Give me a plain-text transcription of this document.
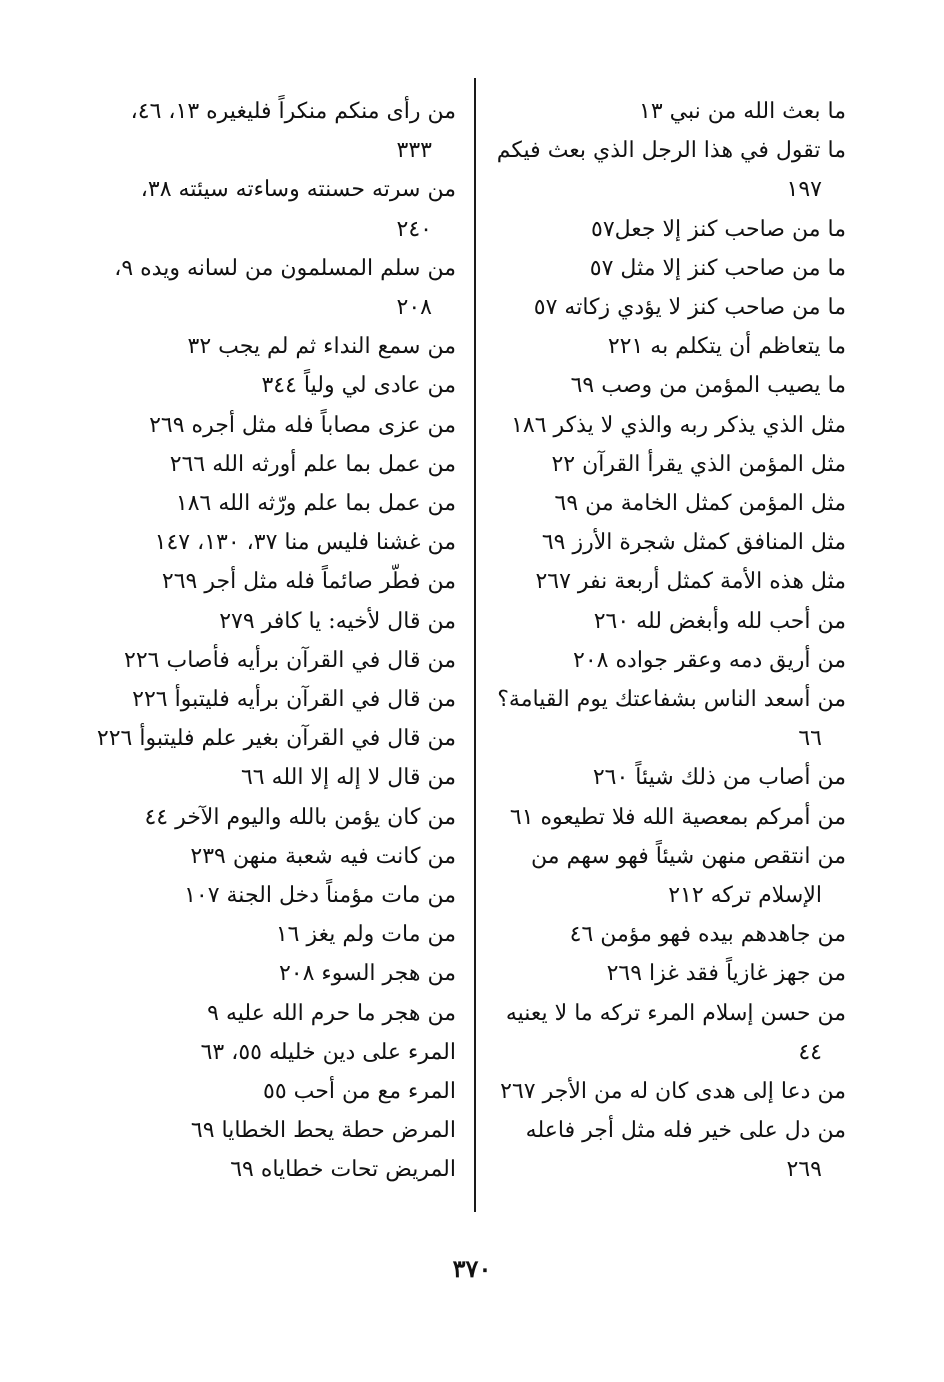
ما بعث الله من نبي ١٣
ما تقول في هذا الرجل الذي بعث فيكم
١٩٧
ما من صاحب كنز إلا جعل٥٧
ما من صاحب كنز إلا مثل ٥٧
ما من صاحب كنز لا يؤدي زكاته ٥٧
ما يتعاظم أن يتكلم به ٢٢١
ما يصيب المؤمن من وصب ٦٩
مثل الذي يذكر ربه والذي لا يذكر ١٨٦
مثل المؤمن الذي يقرأ القرآن ٢٢
مثل المؤمن كمثل الخامة من ٦٩
مثل المنافق كمثل شجرة الأرز ٦٩
مثل هذه الأمة كمثل أربعة نفر ٢٦٧
من أحب لله وأبغض لله ٢٦٠
من أريق دمه وعقر جواده ٢٠٨
من أسعد الناس بشفاعتك يوم القيامة؟
٦٦
من أصاب من ذلك شيئاً ٢٦٠
من أمركم بمعصية الله فلا تطيعوه ٦١
من انتقص منهن شيئاً فهو سهم من
الإسلام تركه ٢١٢
من جاهدهم بيده فهو مؤمن ٤٦
من جهز غازياً فقد غزا ٢٦٩
من حسن إسلام المرء تركه ما لا يعنيه
٤٤
من دعا إلى هدى كان له من الأجر ٢٦٧
من دل على خير فله مثل أجر فاعله
٢٦٩
من رأى منكم منكراً فليغيره ١٣، ٤٦،
٣٣٣
من سرته حسنته وساءته سيئته ٣٨،
٢٤٠
من سلم المسلمون من لسانه ويده ٩،
٢٠٨
من سمع النداء ثم لم يجب ٣٢
من عادى لي ولياً ٣٤٤
من عزى مصاباً فله مثل أجره ٢٦٩
من عمل بما علم أورثه الله ٢٦٦
من عمل بما علم ورّثه الله ١٨٦
من غشنا فليس منا ٣٧، ١٣٠، ١٤٧
من فطّر صائماً فله مثل أجر ٢٦٩
من قال لأخيه: يا كافر ٢٧٩
من قال في القرآن برأيه فأصاب ٢٢٦
من قال في القرآن برأيه فليتبوأ ٢٢٦
من قال في القرآن بغير علم فليتبوأ ٢٢٦
من قال لا إله إلا الله ٦٦
من كان يؤمن بالله واليوم الآخر ٤٤
من كانت فيه شعبة منهن ٢٣٩
من مات مؤمناً دخل الجنة ١٠٧
من مات ولم يغز ١٦
من هجر السوء ٢٠٨
من هجر ما حرم الله عليه ٩
المرء على دين خليله ٥٥، ٦٣
المرء مع من أحب ٥٥
المرض حطة يحط الخطايا ٦٩
المريض تحات خطاياه ٦٩
٣٧٠
